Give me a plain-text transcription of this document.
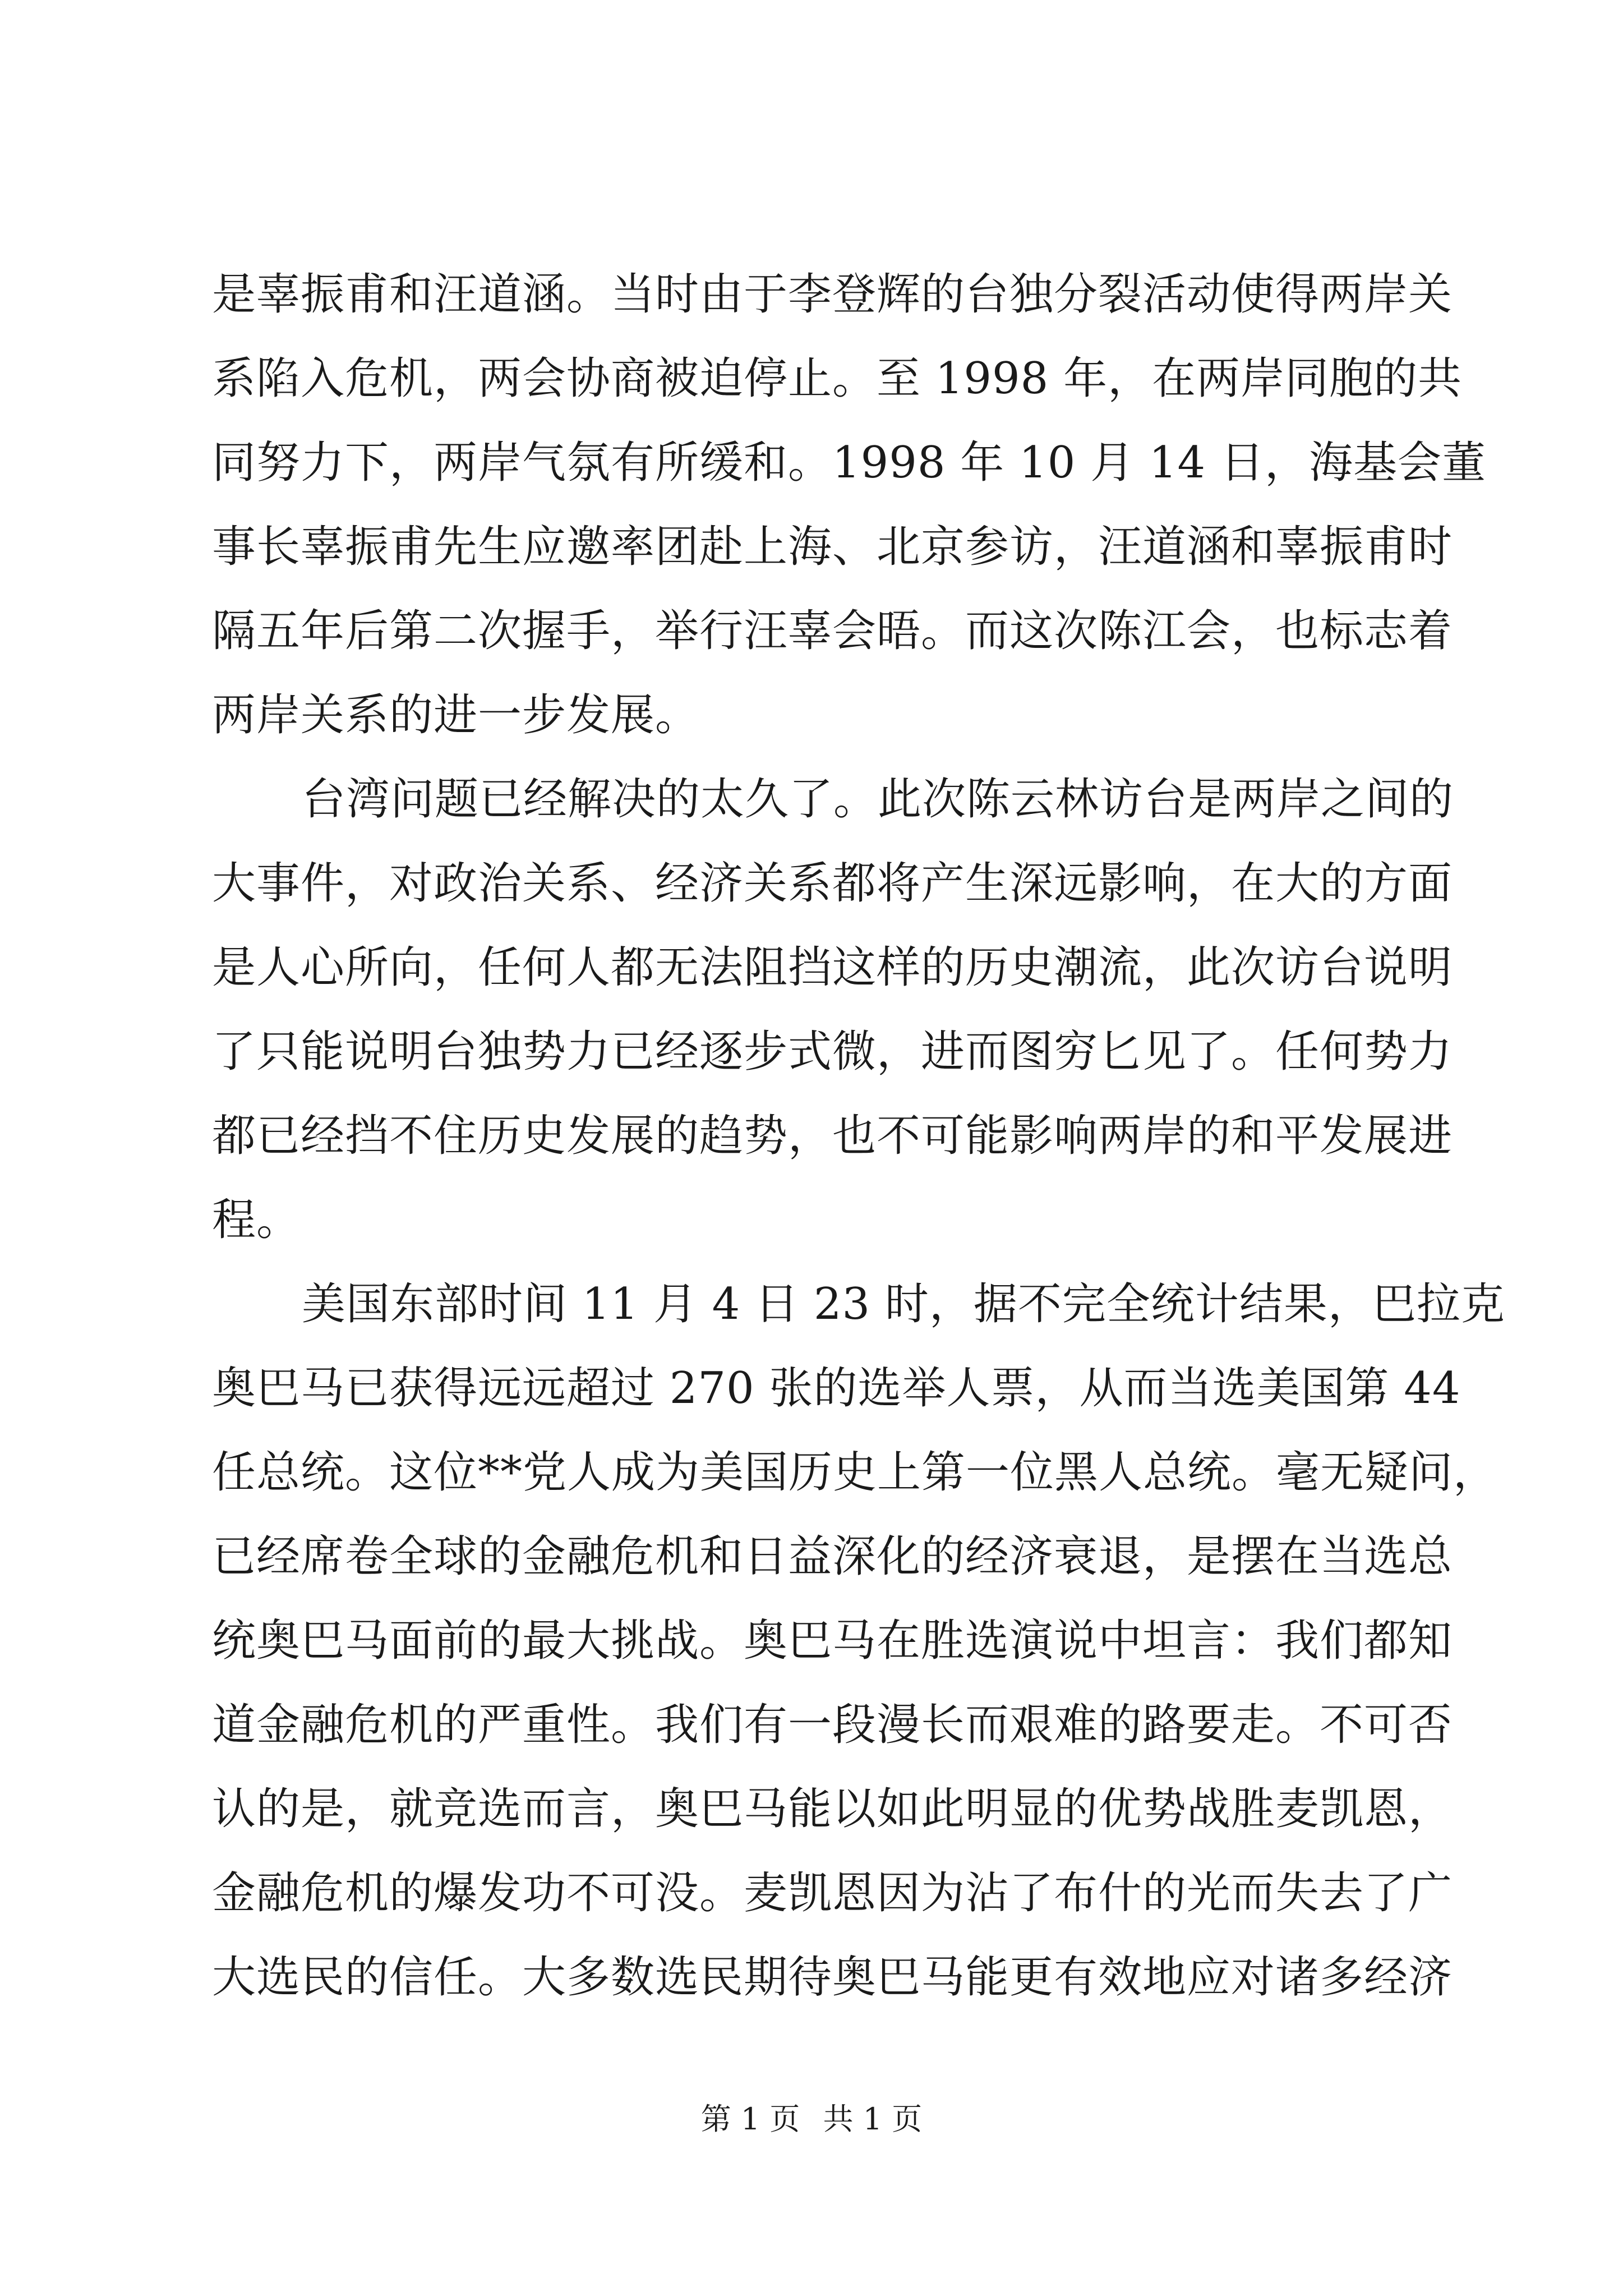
是辜振甫和汪道涵。当时由于李登辉的台独分裂活动使得两岸关
系陷入危机，两会协商被迫停止。至 1998 年，在两岸同胞的共
同努力下，两岸气氛有所缓和。1998 年 10 月 14 日，海基会董
事长辜振甫先生应邀率团赴上海、北京参访，汪道涵和辜振甫时
隔五年后第二次握手，举行汪辜会晤。而这次陈江会，也标志着
两岸关系的进一步发展。
台湾问题已经解决的太久了。此次陈云林访台是两岸之间的
大事件，对政治关系、经济关系都将产生深远影响，在大的方面
是人心所向，任何人都无法阻挡这样的历史潮流，此次访台说明
了只能说明台独势力已经逐步式微，进而图穷匕见了。任何势力
都已经挡不住历史发展的趋势，也不可能影响两岸的和平发展进
程。
美国东部时间 11 月 4 日 23 时，据不完全统计结果，巴拉克
奥巴马已获得远远超过 270 张的选举人票，从而当选美国第 44
任总统。这位**党人成为美国历史上第一位黑人总统。毫无疑问，
已经席卷全球的金融危机和日益深化的经济衰退，是摆在当选总
统奥巴马面前的最大挑战。奥巴马在胜选演说中坦言：我们都知
道金融危机的严重性。我们有一段漫长而艰难的路要走。不可否
认的是，就竞选而言，奥巴马能以如此明显的优势战胜麦凯恩，
金融危机的爆发功不可没。麦凯恩因为沾了布什的光而失去了广
大选民的信任。大多数选民期待奥巴马能更有效地应对诸多经济
第 1 页 共 1 页
